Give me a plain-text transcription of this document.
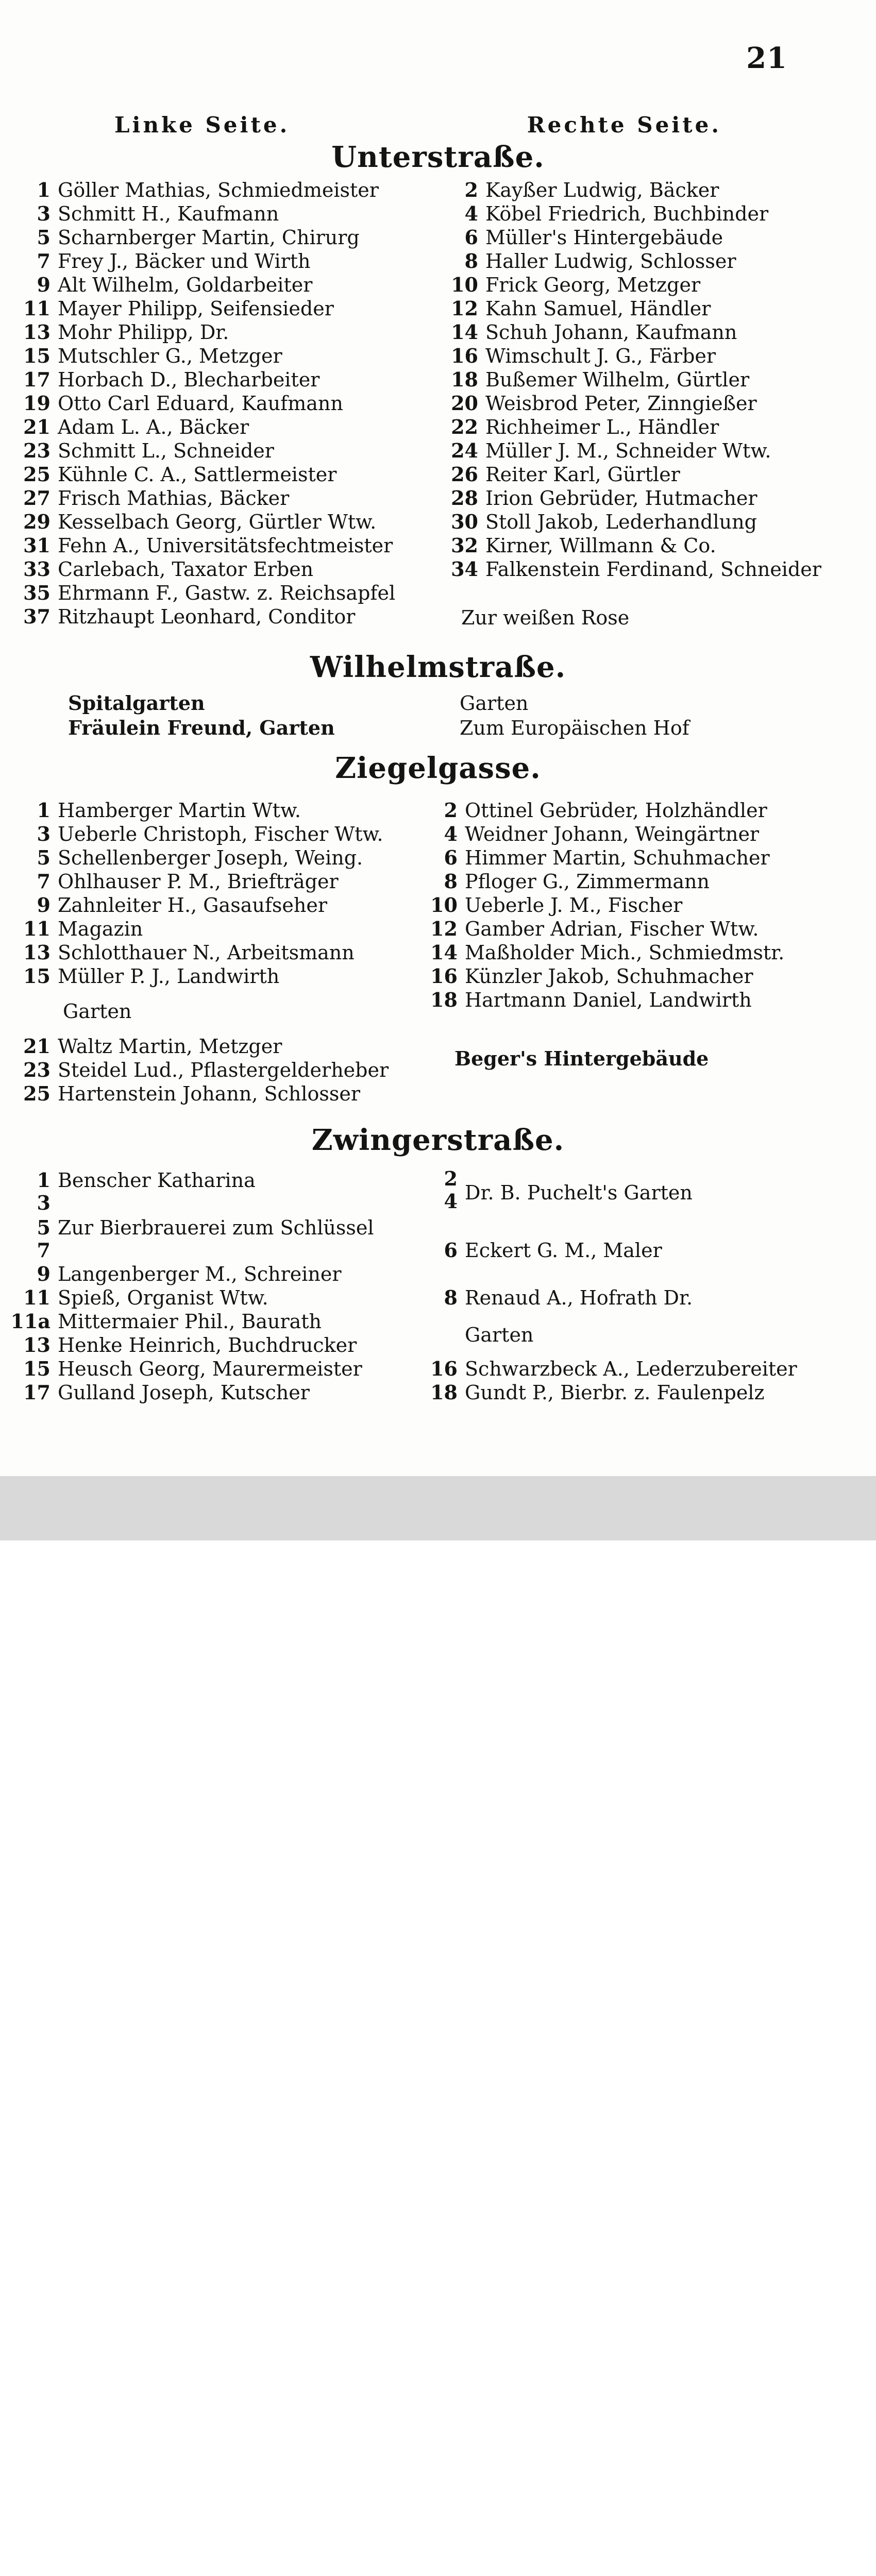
21
Linke Seite.	Rechte Seite.
Unterstraße.
1 Göller Mathias, Schmiedmeister
3 Schmitt H., Kaufmann
5 Scharnberger Martin, Chirurg
7 Frey J., Bäcker und Wirth
9 Alt Wilhelm, Goldarbeiter
11 Mayer Philipp, Seifensieder
13 Mohr Philipp, Dr.
15 Mutschler G., Metzger
17 Horbach D., Blecharbeiter
19 Otto Carl Eduard, Kaufmann
21 Adam L. A., Bäcker
23 Schmitt L., Schneider
25 Kühnle C. A., Sattlermeister
27 Frisch Mathias, Bäcker
29 Kesselbach Georg, Gürtler Wtw.
31 Fehn A., Universitätsfechtmeister
33 Carlebach, Taxator Erben
35 Ehrmann F., Gastw. z. Reichsapfel
37 Ritzhaupt Leonhard, Conditor
2 Kayßer Ludwig, Bäcker
4 Köbel Friedrich, Buchbinder
6 Müller's Hintergebäude
8 Haller Ludwig, Schlosser
10 Frick Georg, Metzger
12 Kahn Samuel, Händler
14 Schuh Johann, Kaufmann
16 Wimschult J. G., Färber
18 Bußemer Wilhelm, Gürtler
20 Weisbrod Peter, Zinngießer
22 Richheimer L., Händler
24 Müller J. M., Schneider Wtw.
26 Reiter Karl, Gürtler
28 Irion Gebrüder, Hutmacher
30 Stoll Jakob, Lederhandlung
32 Kirner, Willmann & Co.
34 Falkenstein Ferdinand, Schneider
Zur weißen Rose
Wilhelmstraße.
Spitalgarten
Fräulein Freund, Garten
Garten
Zum Europäischen Hof
Ziegelgasse.
1 Hamberger Martin Wtw.
3 Ueberle Christoph, Fischer Wtw.
5 Schellenberger Joseph, Weing.
7 Ohlhauser P. M., Briefträger
9 Zahnleiter H., Gasaufseher
11 Magazin
13 Schlotthauer N., Arbeitsmann
15 Müller P. J., Landwirth
Garten
21 Waltz Martin, Metzger
23 Steidel Lud., Pflastergelderheber
25 Hartenstein Johann, Schlosser
2 Ottinel Gebrüder, Holzhändler
4 Weidner Johann, Weingärtner
6 Himmer Martin, Schuhmacher
8 Pfloger G., Zimmermann
10 Ueberle J. M., Fischer
12 Gamber Adrian, Fischer Wtw.
14 Maßholder Mich., Schmiedmstr.
16 Künzler Jakob, Schuhmacher
18 Hartmann Daniel, Landwirth
Beger's Hintergebäude
Zwingerstraße.
1 Benscher Katharina
3
5 Zur Bierbrauerei zum Schlüssel
7
9 Langenberger M., Schreiner
11 Spieß, Organist Wtw.
11a Mittermaier Phil., Baurath
13 Henke Heinrich, Buchdrucker
15 Heusch Georg, Maurermeister
17 Gulland Joseph, Kutscher
2
4 Dr. B. Puchelt's Garten
6 Eckert G. M., Maler
8 Renaud A., Hofrath Dr.
Garten
16 Schwarzbeck A., Lederzubereiter
18 Gundt P., Bierbr. z. Faulenpelz
